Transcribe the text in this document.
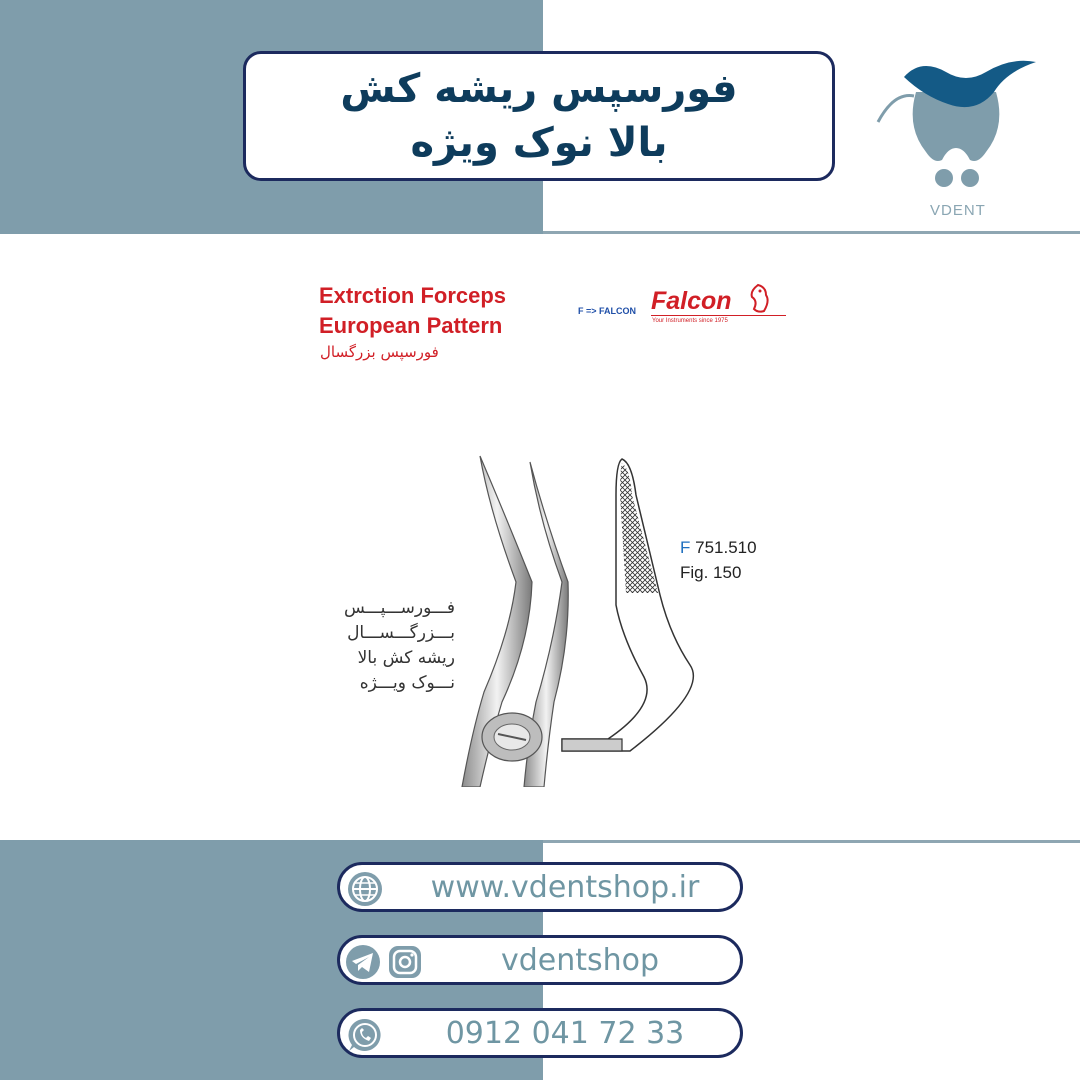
فورسپس ریشه کش
بالا نوک ویژه
VDENT
Extrction Forceps
European Pattern
فورسپس بزرگسال
F => FALCON Falcon
Your Instruments since 1975
F 751.510
Fig. 150
فـــورســـپـــس
بـــزرگـــســـال
ریشه کش بالا
نـــوک ویـــژه
www.vdentshop.ir
vdentshop
0912 041 72 33
